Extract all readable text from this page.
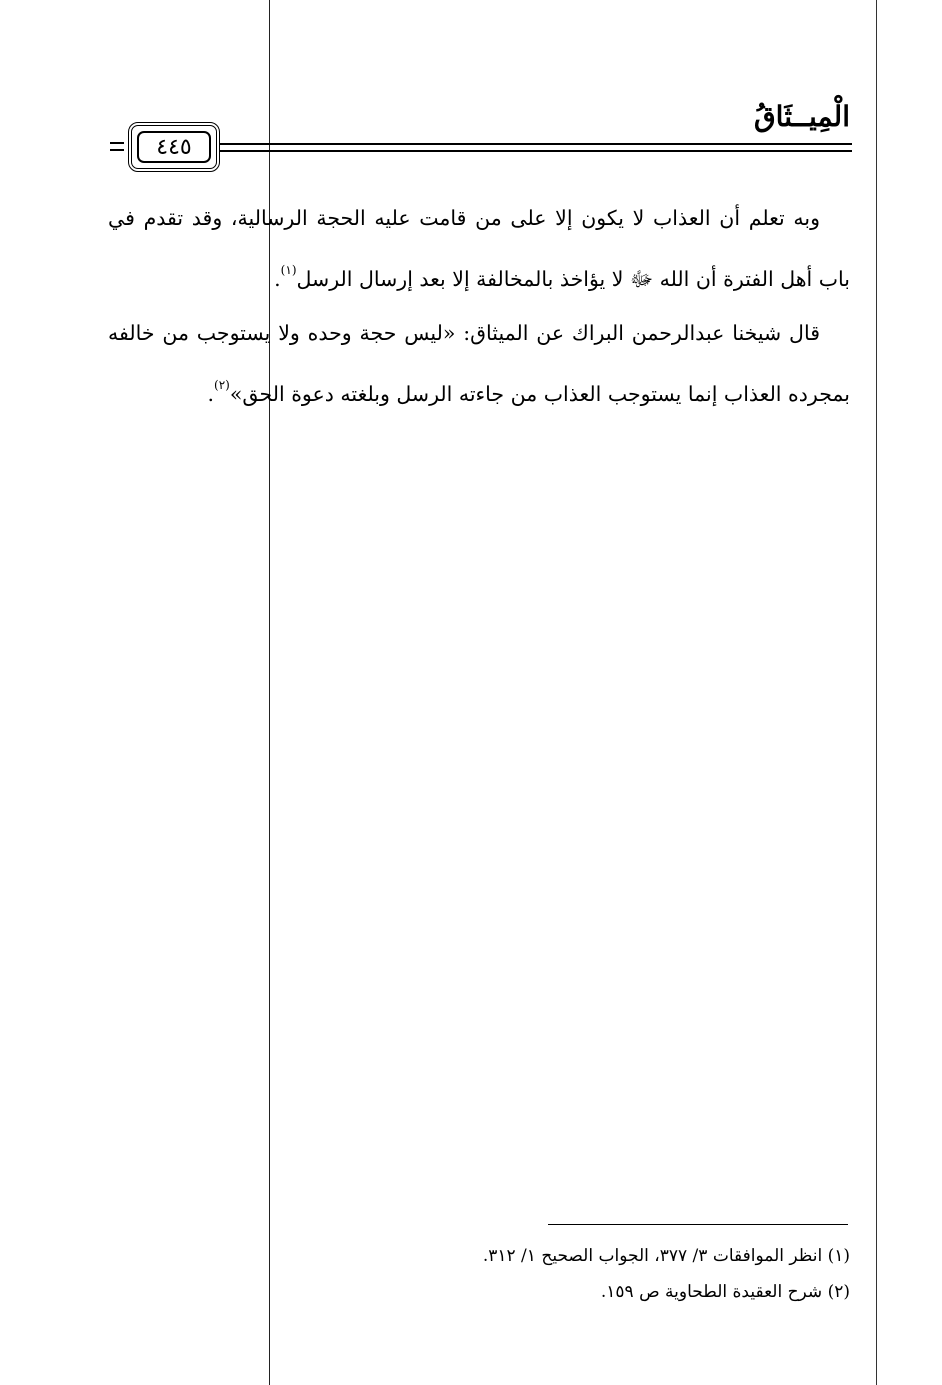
الْمِيــثَاقُ
٤٤٥

وبه تعلم أن العذاب لا يكون إلا على من قامت عليه الحجة الرسالية، وقد تقدم في باب أهل الفترة أن الله ﷻ لا يؤاخذ بالمخالفة إلا بعد إرسال الرسل$^{(١)}$.

قال شيخنا عبدالرحمن البراك عن الميثاق: «ليس حجة وحده ولا يستوجب من خالفه بمجرده العذاب إنما يستوجب العذاب من جاءته الرسل وبلغته دعوة الحق»$^{(٢)}$.

(١) انظر الموافقات ٣/ ٣٧٧، الجواب الصحيح ١/ ٣١٢.

(٢) شرح العقيدة الطحاوية ص ١٥٩.
